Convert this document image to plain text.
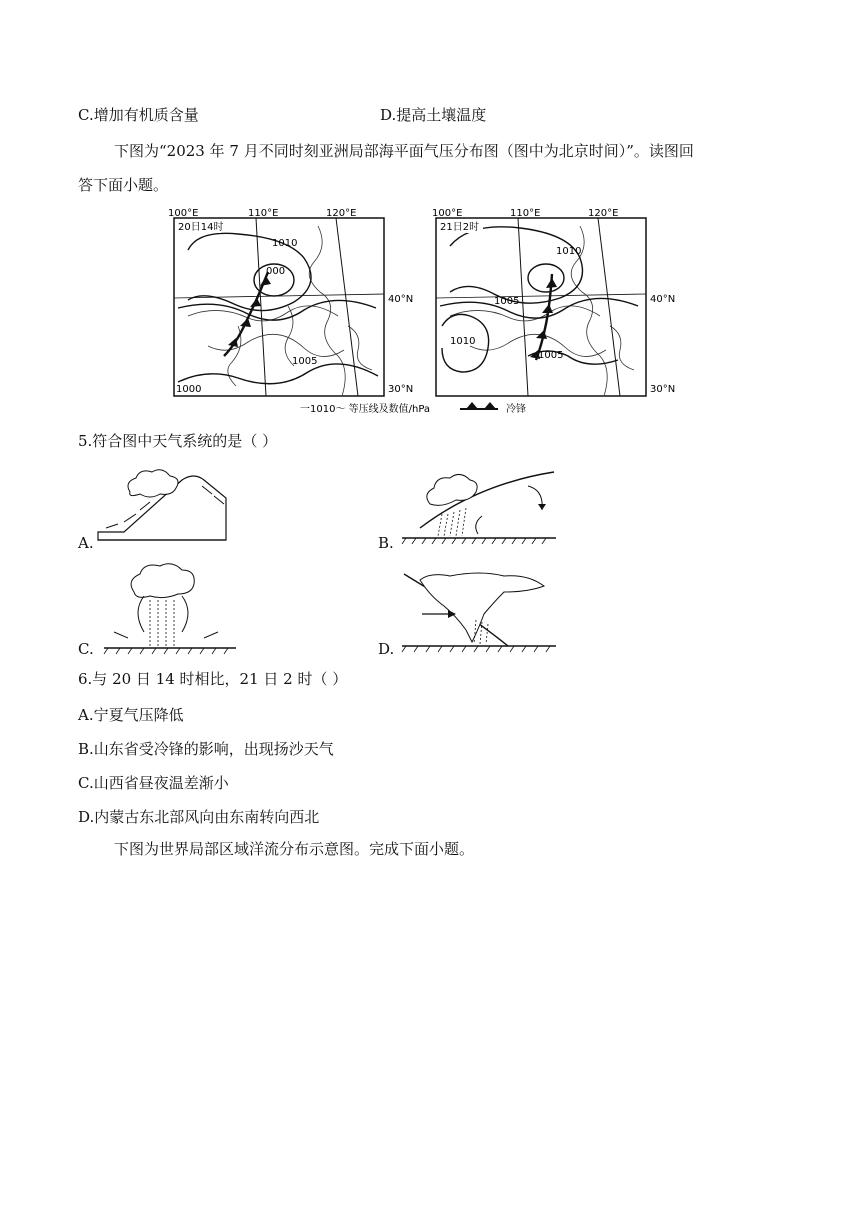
C.增加有机质含量	D.提高土壤温度
下图为“2023 年 7 月不同时刻亚洲局部海平面气压分布图（图中为北京时间）”。读图回
答下面小题。
20日14时
1010
000
1005
1000
100°E	110°E	120°E
21日2时
1010
1005
1010
1005
100°E	110°E	120°E
40°N
30°N
40°N
30°N
一1010～ 等压线及数值/hPa	冷锋
5.符合图中天气系统的是（ ）
A.	B.
C.	D.
6.与 20 日 14 时相比，21 日 2 时（ ）
A.宁夏气压降低
B.山东省受冷锋的影响，出现扬沙天气
C.山西省昼夜温差渐小
D.内蒙古东北部风向由东南转向西北
下图为世界局部区域洋流分布示意图。完成下面小题。
